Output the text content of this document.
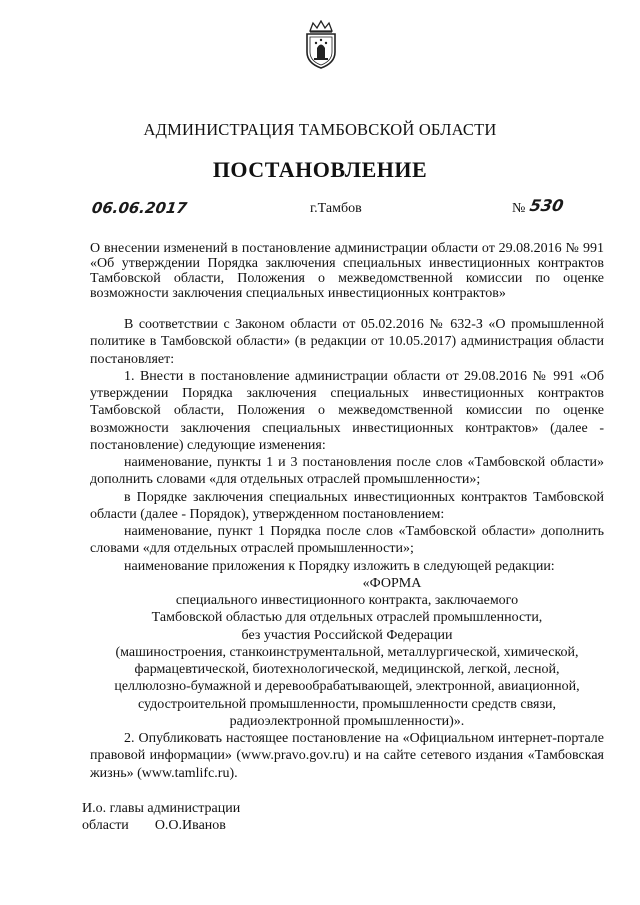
АДМИНИСТРАЦИЯ ТАМБОВСКОЙ ОБЛАСТИ
ПОСТАНОВЛЕНИЕ
06.06.2017	г.Тамбов	№ 530
О внесении изменений в постановление администрации области от 29.08.2016 № 991 «Об утверждении Порядка заключения специальных инвестиционных контрактов Тамбовской области, Положения о межведомственной комиссии по оценке возможности заключения специальных инвестиционных контрактов»

В соответствии с Законом области от 05.02.2016 № 632-З «О промышленной политике в Тамбовской области» (в редакции от 10.05.2017) администрация области постановляет:

1. Внести в постановление администрации области от 29.08.2016 № 991 «Об утверждении Порядка заключения специальных инвестиционных контрактов Тамбовской области, Положения о межведомственной комиссии по оценке возможности заключения специальных инвестиционных контрактов» (далее - постановление) следующие изменения:

наименование, пункты 1 и 3 постановления после слов «Тамбовской области» дополнить словами «для отдельных отраслей промышленности»;

в Порядке заключения специальных инвестиционных контрактов Тамбовской области (далее - Порядок), утвержденном постановлением:

наименование, пункт 1 Порядка после слов «Тамбовской области» дополнить словами «для отдельных отраслей промышленности»;

наименование приложения к Порядку изложить в следующей редакции:

«ФОРМА

специального инвестиционного контракта, заключаемого

Тамбовской областью для отдельных отраслей промышленности,

без участия Российской Федерации

(машиностроения, станкоинструментальной, металлургической, химической,

фармацевтической, биотехнологической, медицинской, легкой, лесной,

целлюлозно-бумажной и деревообрабатывающей, электронной, авиационной,

судостроительной промышленности, промышленности средств связи,

радиоэлектронной промышленности)».

2. Опубликовать настоящее постановление на «Официальном интернет-портале правовой информации» (www.pravo.gov.ru) и на сайте сетевого издания «Тамбовская жизнь» (www.tamlifc.ru).

И.о. главы администрации
области О.О.Иванов
